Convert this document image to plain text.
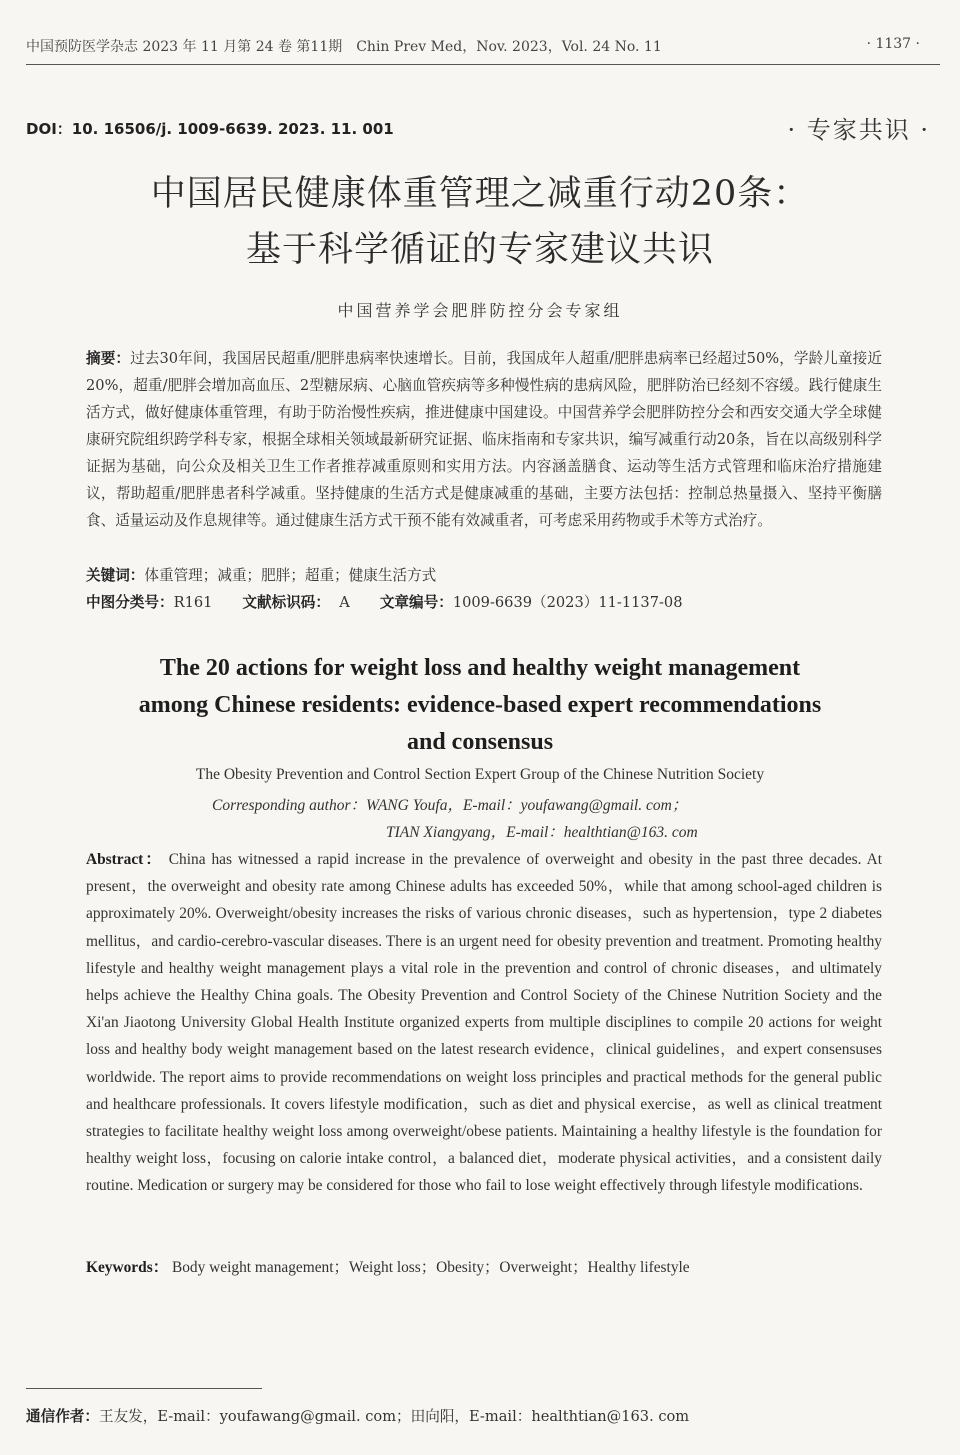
中国预防医学杂志 2023 年 11 月第 24 卷 第11期　Chin Prev Med，Nov. 2023，Vol. 24 No. 11	· 1137 ·
DOI：10. 16506/j. 1009-6639. 2023. 11. 001	· 专家共识 ·
中国居民健康体重管理之减重行动20条：
基于科学循证的专家建议共识
中国营养学会肥胖防控分会专家组
摘要：过去30年间，我国居民超重/肥胖患病率快速增长。目前，我国成年人超重/肥胖患病率已经超过50%，学龄儿童接近20%，超重/肥胖会增加高血压、2型糖尿病、心脑血管疾病等多种慢性病的患病风险，肥胖防治已经刻不容缓。践行健康生活方式，做好健康体重管理，有助于防治慢性疾病，推进健康中国建设。中国营养学会肥胖防控分会和西安交通大学全球健康研究院组织跨学科专家，根据全球相关领域最新研究证据、临床指南和专家共识，编写减重行动20条，旨在以高级别科学证据为基础，向公众及相关卫生工作者推荐减重原则和实用方法。内容涵盖膳食、运动等生活方式管理和临床治疗措施建议，帮助超重/肥胖患者科学减重。坚持健康的生活方式是健康减重的基础，主要方法包括：控制总热量摄入、坚持平衡膳食、适量运动及作息规律等。通过健康生活方式干预不能有效减重者，可考虑采用药物或手术等方式治疗。
关键词：体重管理；减重；肥胖；超重；健康生活方式
中图分类号：R161 文献标识码： A 文章编号：1009-6639（2023）11-1137-08
The 20 actions for weight loss and healthy weight management
among Chinese residents: evidence-based expert recommendations
and consensus
The Obesity Prevention and Control Section Expert Group of the Chinese Nutrition Society
Corresponding author：WANG Youfa，E-mail：youfawang@gmail. com；
TIAN Xiangyang，E-mail：healthtian@163. com
Abstract： China has witnessed a rapid increase in the prevalence of overweight and obesity in the past three decades. At present，the overweight and obesity rate among Chinese adults has exceeded 50%，while that among school-aged children is approximately 20%. Overweight/obesity increases the risks of various chronic diseases，such as hypertension，type 2 diabetes mellitus，and cardio-cerebro-vascular diseases. There is an urgent need for obesity prevention and treatment. Promoting healthy lifestyle and healthy weight management plays a vital role in the prevention and control of chronic diseases，and ultimately helps achieve the Healthy China goals. The Obesity Prevention and Control Society of the Chinese Nutrition Society and the Xi'an Jiaotong University Global Health Institute organized experts from multiple disciplines to compile 20 actions for weight loss and healthy body weight management based on the latest research evidence，clinical guidelines，and expert consensuses worldwide. The report aims to provide recommendations on weight loss principles and practical methods for the general public and healthcare professionals. It covers lifestyle modification，such as diet and physical exercise，as well as clinical treatment strategies to facilitate healthy weight loss among overweight/obese patients. Maintaining a healthy lifestyle is the foundation for healthy weight loss，focusing on calorie intake control，a balanced diet，moderate physical activities，and a consistent daily routine. Medication or surgery may be considered for those who fail to lose weight effectively through lifestyle modifications.
Keywords： Body weight management；Weight loss；Obesity；Overweight；Healthy lifestyle
通信作者：王友发，E-mail：youfawang@gmail. com；田向阳，E-mail：healthtian@163. com
